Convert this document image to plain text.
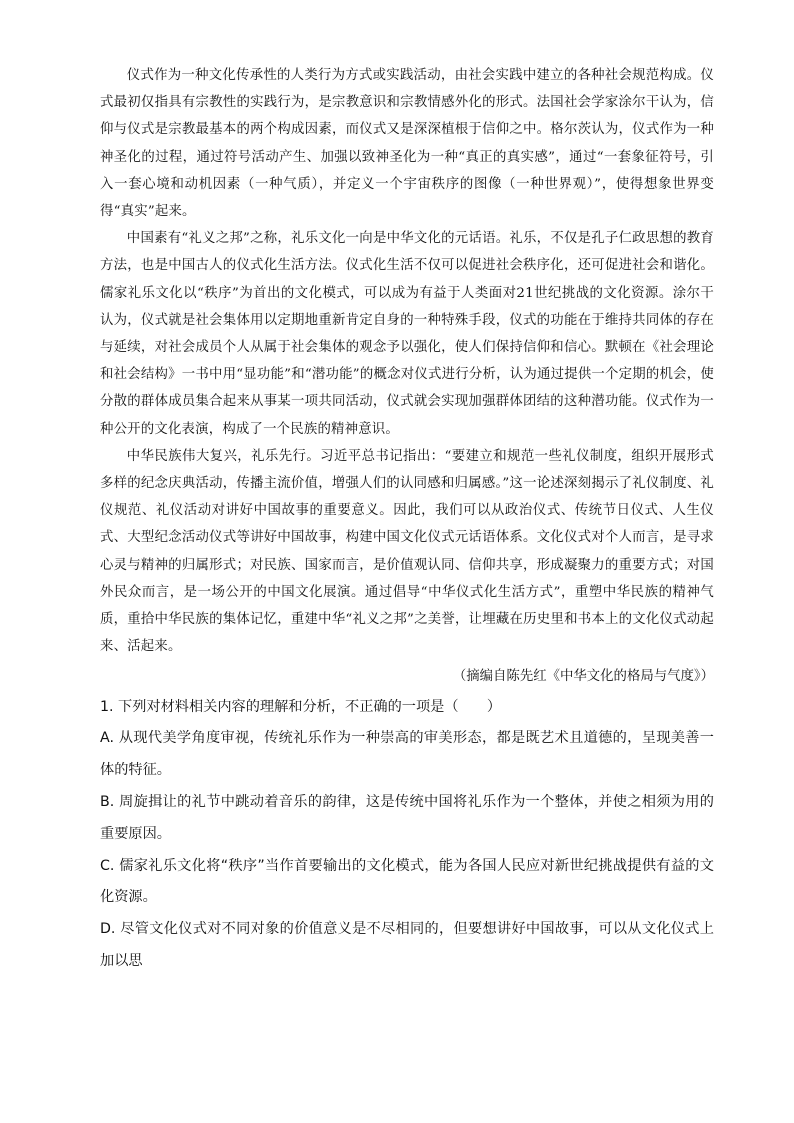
仪式作为一种文化传承性的人类行为方式或实践活动，由社会实践中建立的各种社会规范构成。仪式最初仅指具有宗教性的实践行为，是宗教意识和宗教情感外化的形式。法国社会学家涂尔干认为，信仰与仪式是宗教最基本的两个构成因素，而仪式又是深深植根于信仰之中。格尔茨认为，仪式作为一种神圣化的过程，通过符号活动产生、加强以致神圣化为一种“真正的真实感”，通过“一套象征符号，引入一套心境和动机因素（一种气质），并定义一个宇宙秩序的图像（一种世界观）”，使得想象世界变得“真实”起来。

中国素有“礼义之邦”之称，礼乐文化一向是中华文化的元话语。礼乐，不仅是孔子仁政思想的教育方法，也是中国古人的仪式化生活方法。仪式化生活不仅可以促进社会秩序化，还可促进社会和谐化。儒家礼乐文化以“秩序”为首出的文化模式，可以成为有益于人类面对21世纪挑战的文化资源。涂尔干认为，仪式就是社会集体用以定期地重新肯定自身的一种特殊手段，仪式的功能在于维持共同体的存在与延续，对社会成员个人从属于社会集体的观念予以强化，使人们保持信仰和信心。默顿在《社会理论和社会结构》一书中用“显功能”和“潜功能”的概念对仪式进行分析，认为通过提供一个定期的机会，使分散的群体成员集合起来从事某一项共同活动，仪式就会实现加强群体团结的这种潜功能。仪式作为一种公开的文化表演，构成了一个民族的精神意识。

中华民族伟大复兴，礼乐先行。习近平总书记指出：“要建立和规范一些礼仪制度，组织开展形式多样的纪念庆典活动，传播主流价值，增强人们的认同感和归属感。”这一论述深刻揭示了礼仪制度、礼仪规范、礼仪活动对讲好中国故事的重要意义。因此，我们可以从政治仪式、传统节日仪式、人生仪式、大型纪念活动仪式等讲好中国故事，构建中国文化仪式元话语体系。文化仪式对个人而言，是寻求心灵与精神的归属形式；对民族、国家而言，是价值观认同、信仰共享，形成凝聚力的重要方式；对国外民众而言，是一场公开的中国文化展演。通过倡导“中华仪式化生活方式”，重塑中华民族的精神气质，重拾中华民族的集体记忆，重建中华“礼义之邦”之美誉，让埋藏在历史里和书本上的文化仪式动起来、活起来。

（摘编自陈先红《中华文化的格局与气度》）
1. 下列对材料相关内容的理解和分析，不正确的一项是（　　）
A. 从现代美学角度审视，传统礼乐作为一种崇高的审美形态，都是既艺术且道德的，呈现美善一体的特征。
B. 周旋揖让的礼节中跳动着音乐的韵律，这是传统中国将礼乐作为一个整体，并使之相须为用的重要原因。
C. 儒家礼乐文化将“秩序”当作首要输出的文化模式，能为各国人民应对新世纪挑战提供有益的文化资源。
D. 尽管文化仪式对不同对象的价值意义是不尽相同的，但要想讲好中国故事，可以从文化仪式上加以思
